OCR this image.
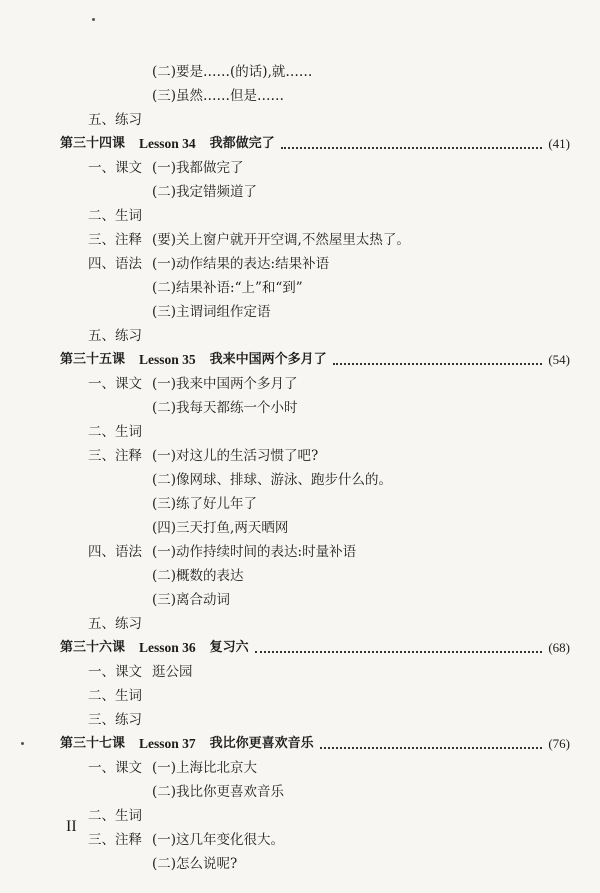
(二)要是……(的话),就……
(三)虽然……但是……
五、练习
第三十四课 Lesson 34 我都做完了	(41)
一、课文 (一)我都做完了
(二)我定错频道了
二、生词
三、注释 (要)关上窗户就开开空调,不然屋里太热了。
四、语法 (一)动作结果的表达:结果补语
(二)结果补语:“上”和“到”
(三)主谓词组作定语
五、练习
第三十五课 Lesson 35 我来中国两个多月了	(54)
一、课文 (一)我来中国两个多月了
(二)我每天都练一个小时
二、生词
三、注释 (一)对这儿的生活习惯了吧?
(二)像网球、排球、游泳、跑步什么的。
(三)练了好儿年了
(四)三天打鱼,两天晒网
四、语法 (一)动作持续时间的表达:时量补语
(二)概数的表达
(三)离合动词
五、练习
第三十六课 Lesson 36 复习六	(68)
一、课文 逛公园
二、生词
三、练习
第三十七课 Lesson 37 我比你更喜欢音乐	(76)
一、课文 (一)上海比北京大
(二)我比你更喜欢音乐
二、生词
三、注释 (一)这几年变化很大。
(二)怎么说呢?
II
